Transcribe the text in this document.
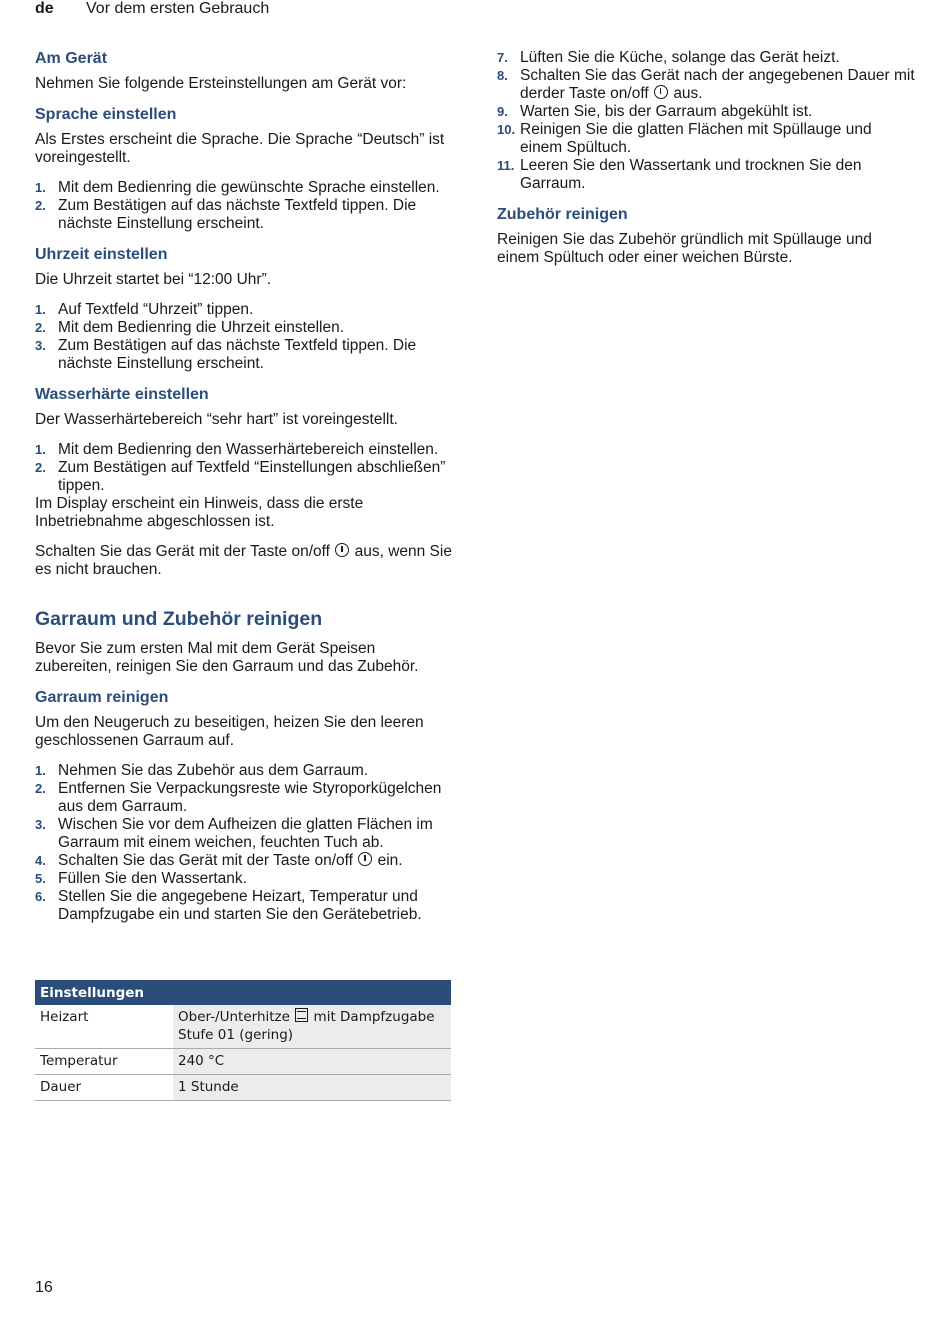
de Vor dem ersten Gebrauch
Am Gerät

Nehmen Sie folgende Ersteinstellungen am Gerät vor:

Sprache einstellen

Als Erstes erscheint die Sprache. Die Sprache “Deutsch” ist voreingestellt.

1. Mit dem Bedienring die gewünschte Sprache einstellen.
2. Zum Bestätigen auf das nächste Textfeld tippen. Die nächste Einstellung erscheint.
Uhrzeit einstellen

Die Uhrzeit startet bei “12:00 Uhr”.

1. Auf Textfeld “Uhrzeit” tippen.
2. Mit dem Bedienring die Uhrzeit einstellen.
3. Zum Bestätigen auf das nächste Textfeld tippen. Die nächste Einstellung erscheint.
Wasserhärte einstellen

Der Wasserhärtebereich “sehr hart” ist voreingestellt.

1. Mit dem Bedienring den Wasserhärtebereich einstellen.
2. Zum Bestätigen auf Textfeld “Einstellungen abschließen” tippen.

Im Display erscheint ein Hinweis, dass die erste Inbetriebnahme abgeschlossen ist.

Schalten Sie das Gerät mit der Taste on/off aus, wenn Sie es nicht brauchen.

Garraum und Zubehör reinigen

Bevor Sie zum ersten Mal mit dem Gerät Speisen zubereiten, reinigen Sie den Garraum und das Zubehör.

Garraum reinigen

Um den Neugeruch zu beseitigen, heizen Sie den leeren geschlossenen Garraum auf.

1. Nehmen Sie das Zubehör aus dem Garraum.
2. Entfernen Sie Verpackungsreste wie Styroporkügelchen aus dem Garraum.
3. Wischen Sie vor dem Aufheizen die glatten Flächen im Garraum mit einem weichen, feuchten Tuch ab.
4. Schalten Sie das Gerät mit der Taste on/off ein.
5. Füllen Sie den Wassertank.
6. Stellen Sie die angegebene Heizart, Temperatur und Dampfzugabe ein und starten Sie den Gerätebetrieb.
Einstellungen	
Heizart	Ober-/Unterhitze mit Dampfzugabe
Stufe 01 (gering)
Temperatur	240 °C
Dauer	1 Stunde
7. Lüften Sie die Küche, solange das Gerät heizt.
8. Schalten Sie das Gerät nach der angegebenen Dauer mit derder Taste on/off aus.
9. Warten Sie, bis der Garraum abgekühlt ist.
10. Reinigen Sie die glatten Flächen mit Spüllauge und einem Spültuch.
11. Leeren Sie den Wassertank und trocknen Sie den Garraum.
Zubehör reinigen

Reinigen Sie das Zubehör gründlich mit Spüllauge und einem Spültuch oder einer weichen Bürste.

16
